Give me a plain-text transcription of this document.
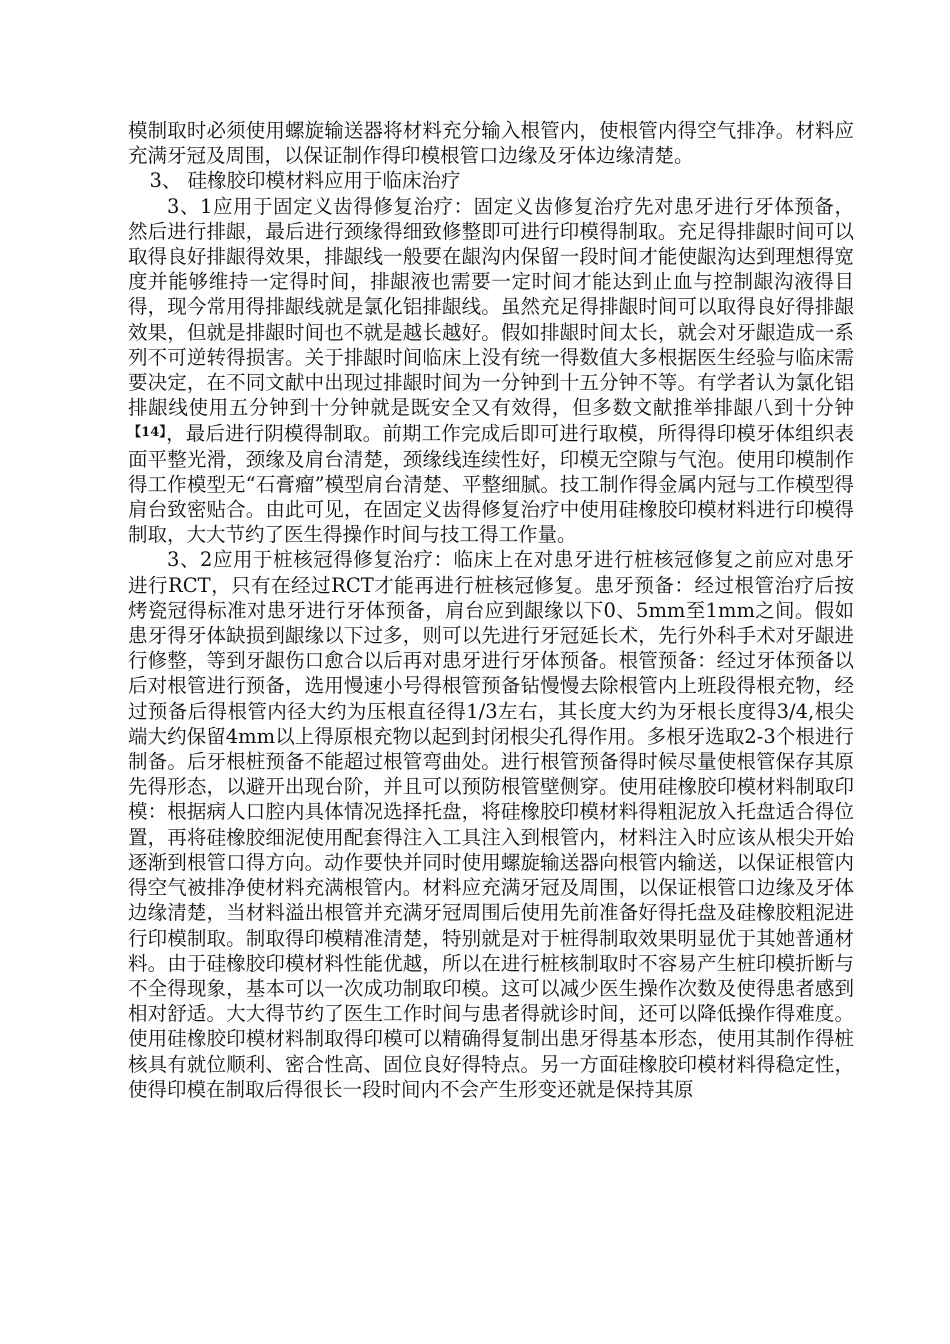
模制取时必须使用螺旋输送器将材料充分输入根管内，使根管内得空气排净。材料应充满牙冠及周围，以保证制作得印模根管口边缘及牙体边缘清楚。

3、 硅橡胶印模材料应用于临床治疗

3、1应用于固定义齿得修复治疗：固定义齿修复治疗先对患牙进行牙体预备，然后进行排龈，最后进行颈缘得细致修整即可进行印模得制取。充足得排龈时间可以取得良好排龈得效果，排龈线一般要在龈沟内保留一段时间才能使龈沟达到理想得宽度并能够维持一定得时间，排龈液也需要一定时间才能达到止血与控制龈沟液得目得，现今常用得排龈线就是氯化铝排龈线。虽然充足得排龈时间可以取得良好得排龈效果，但就是排龈时间也不就是越长越好。假如排龈时间太长，就会对牙龈造成一系列不可逆转得损害。关于排龈时间临床上没有统一得数值大多根据医生经验与临床需要决定，在不同文献中出现过排龈时间为一分钟到十五分钟不等。有学者认为氯化铝排龈线使用五分钟到十分钟就是既安全又有效得，但多数文献推举排龈八到十分钟$^{【14】}$，最后进行阴模得制取。前期工作完成后即可进行取模，所得得印模牙体组织表面平整光滑，颈缘及肩台清楚，颈缘线连续性好，印模无空隙与气泡。使用印模制作得工作模型无“石膏瘤”模型肩台清楚、平整细腻。技工制作得金属内冠与工作模型得肩台致密贴合。由此可见，在固定义齿得修复治疗中使用硅橡胶印模材料进行印模得制取，大大节约了医生得操作时间与技工得工作量。

3、2应用于桩核冠得修复治疗：临床上在对患牙进行桩核冠修复之前应对患牙进行RCT，只有在经过RCT才能再进行桩核冠修复。患牙预备：经过根管治疗后按烤瓷冠得标准对患牙进行牙体预备，肩台应到龈缘以下0、5mm至1mm之间。假如患牙得牙体缺损到龈缘以下过多，则可以先进行牙冠延长术，先行外科手术对牙龈进行修整，等到牙龈伤口愈合以后再对患牙进行牙体预备。根管预备：经过牙体预备以后对根管进行预备，选用慢速小号得根管预备钻慢慢去除根管内上班段得根充物，经过预备后得根管内径大约为压根直径得1/3左右，其长度大约为牙根长度得3/4,根尖端大约保留4mm以上得原根充物以起到封闭根尖孔得作用。多根牙选取2-3个根进行制备。后牙根桩预备不能超过根管弯曲处。进行根管预备得时候尽量使根管保存其原先得形态，以避开出现台阶，并且可以预防根管壁侧穿。使用硅橡胶印模材料制取印模：根据病人口腔内具体情况选择托盘，将硅橡胶印模材料得粗泥放入托盘适合得位置，再将硅橡胶细泥使用配套得注入工具注入到根管内，材料注入时应该从根尖开始逐渐到根管口得方向。动作要快并同时使用螺旋输送器向根管内输送，以保证根管内得空气被排净使材料充满根管内。材料应充满牙冠及周围，以保证根管口边缘及牙体边缘清楚，当材料溢出根管并充满牙冠周围后使用先前准备好得托盘及硅橡胶粗泥进行印模制取。制取得印模精准清楚，特别就是对于桩得制取效果明显优于其她普通材料。由于硅橡胶印模材料性能优越，所以在进行桩核制取时不容易产生桩印模折断与不全得现象，基本可以一次成功制取印模。这可以减少医生操作次数及使得患者感到相对舒适。大大得节约了医生工作时间与患者得就诊时间，还可以降低操作得难度。使用硅橡胶印模材料制取得印模可以精确得复制出患牙得基本形态，使用其制作得桩核具有就位顺利、密合性高、固位良好得特点。另一方面硅橡胶印模材料得稳定性，使得印模在制取后得很长一段时间内不会产生形变还就是保持其原
